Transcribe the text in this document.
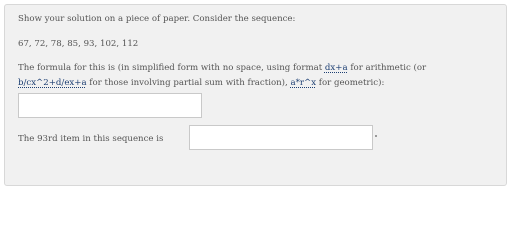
Show your solution on a piece of paper. Consider the sequence:
67, 72, 78, 85, 93, 102, 112
The formula for this is (in simplified form with no space, using format dx+a for arithmetic (or
b/cx^2+d/ex+a for those involving partial sum with fraction), a*r^x for geometric):
The 93rd item in this sequence is
